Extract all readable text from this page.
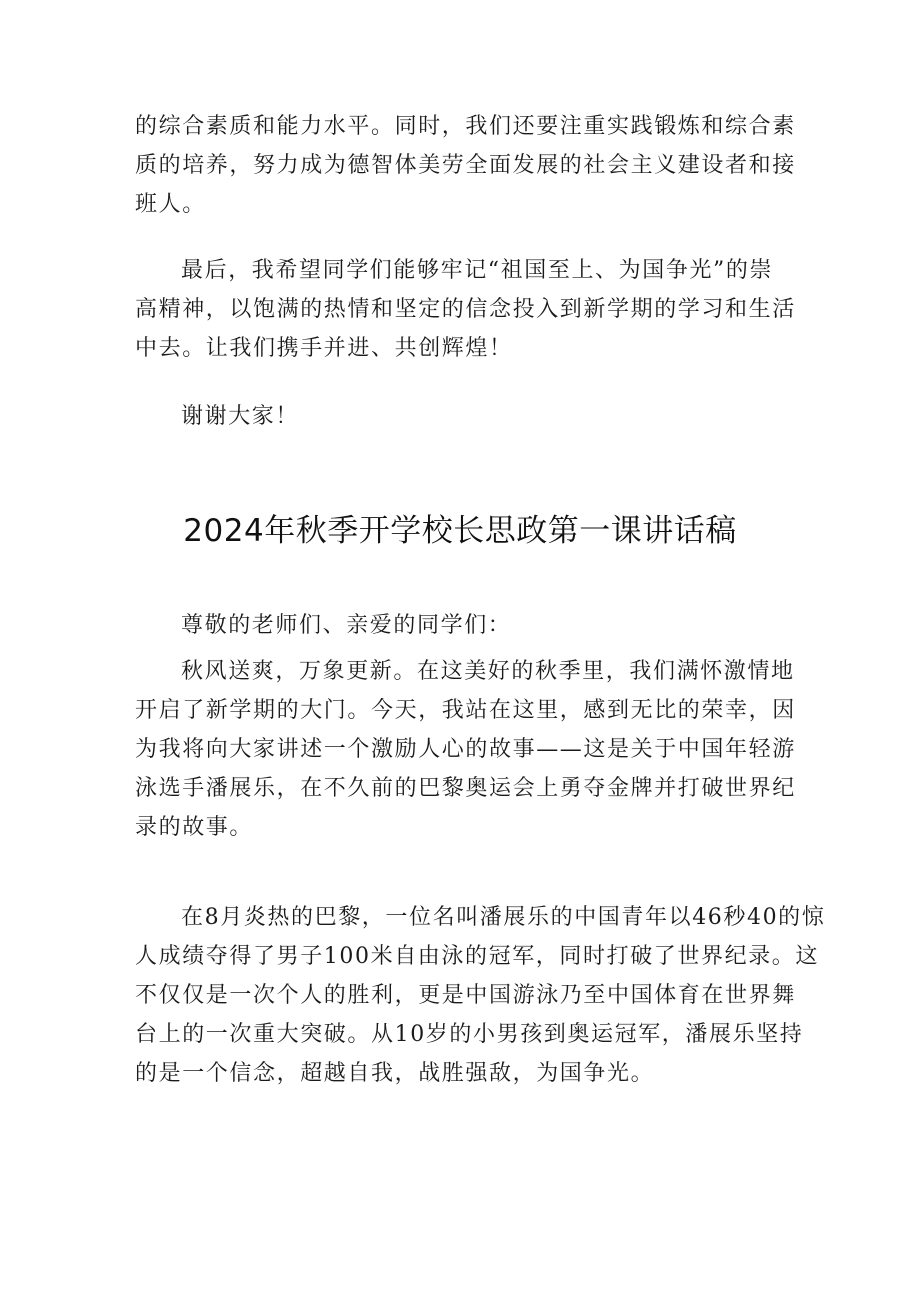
的综合素质和能力水平。同时，我们还要注重实践锻炼和综合素
质的培养，努力成为德智体美劳全面发展的社会主义建设者和接
班人。
最后，我希望同学们能够牢记“祖国至上、为国争光”的崇
高精神，以饱满的热情和坚定的信念投入到新学期的学习和生活
中去。让我们携手并进、共创辉煌！
谢谢大家！
2024年秋季开学校长思政第一课讲话稿
尊敬的老师们、亲爱的同学们：
秋风送爽，万象更新。在这美好的秋季里，我们满怀激情地
开启了新学期的大门。今天，我站在这里，感到无比的荣幸，因
为我将向大家讲述一个激励人心的故事——这是关于中国年轻游
泳选手潘展乐，在不久前的巴黎奥运会上勇夺金牌并打破世界纪
录的故事。
在8月炎热的巴黎，一位名叫潘展乐的中国青年以46秒40的惊
人成绩夺得了男子100米自由泳的冠军，同时打破了世界纪录。这
不仅仅是一次个人的胜利，更是中国游泳乃至中国体育在世界舞
台上的一次重大突破。从10岁的小男孩到奥运冠军，潘展乐坚持
的是一个信念，超越自我，战胜强敌，为国争光。
